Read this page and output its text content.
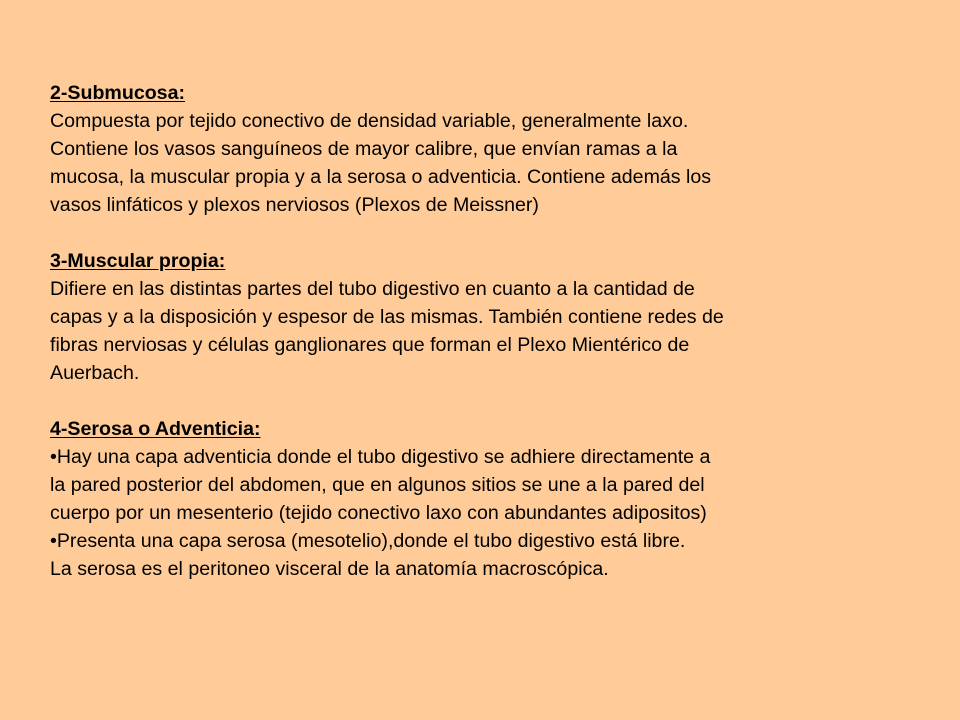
2-Submucosa:
Compuesta por tejido conectivo de densidad variable, generalmente laxo.
Contiene los vasos sanguíneos de mayor calibre, que envían ramas a la
mucosa, la muscular propia y a la serosa o adventicia. Contiene además los
vasos linfáticos y plexos nerviosos (Plexos de Meissner)
3-Muscular propia:
Difiere en las distintas partes del tubo digestivo en cuanto a la cantidad de
capas y a la disposición y espesor de las mismas. También contiene redes de
fibras nerviosas y células ganglionares que forman el Plexo Mientérico de
Auerbach.
4-Serosa o Adventicia:
•Hay una capa adventicia donde el tubo digestivo se adhiere directamente a
la pared posterior del abdomen, que en algunos sitios se une a la pared del
cuerpo por un mesenterio (tejido conectivo laxo con abundantes adipositos)
•Presenta una capa serosa (mesotelio),donde el tubo digestivo está libre.
La serosa es el peritoneo visceral de la anatomía macroscópica.
